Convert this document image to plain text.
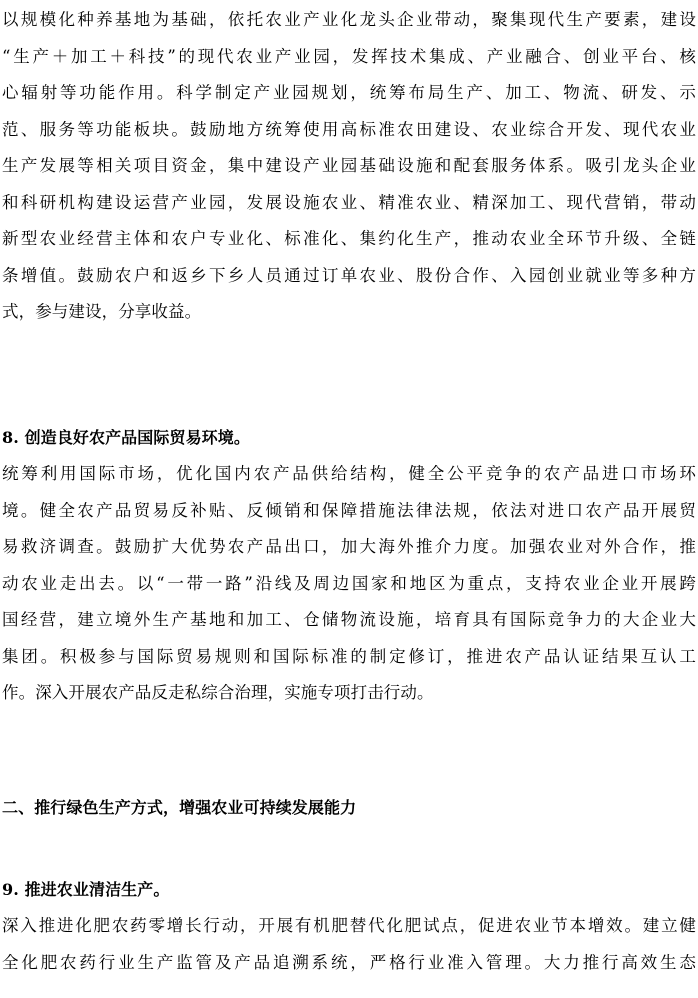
以规模化种养基地为基础，依托农业产业化龙头企业带动，聚集现代生产要素，建设
“生产＋加工＋科技”的现代农业产业园，发挥技术集成、产业融合、创业平台、核
心辐射等功能作用。科学制定产业园规划，统筹布局生产、加工、物流、研发、示
范、服务等功能板块。鼓励地方统筹使用高标准农田建设、农业综合开发、现代农业
生产发展等相关项目资金，集中建设产业园基础设施和配套服务体系。吸引龙头企业
和科研机构建设运营产业园，发展设施农业、精准农业、精深加工、现代营销，带动
新型农业经营主体和农户专业化、标准化、集约化生产，推动农业全环节升级、全链
条增值。鼓励农户和返乡下乡人员通过订单农业、股份合作、入园创业就业等多种方
式，参与建设，分享收益。
8. 创造良好农产品国际贸易环境。
统筹利用国际市场，优化国内农产品供给结构，健全公平竞争的农产品进口市场环
境。健全农产品贸易反补贴、反倾销和保障措施法律法规，依法对进口农产品开展贸
易救济调查。鼓励扩大优势农产品出口，加大海外推介力度。加强农业对外合作，推
动农业走出去。以“一带一路”沿线及周边国家和地区为重点，支持农业企业开展跨
国经营，建立境外生产基地和加工、仓储物流设施，培育具有国际竞争力的大企业大
集团。积极参与国际贸易规则和国际标准的制定修订，推进农产品认证结果互认工
作。深入开展农产品反走私综合治理，实施专项打击行动。
二、推行绿色生产方式，增强农业可持续发展能力
9. 推进农业清洁生产。
深入推进化肥农药零增长行动，开展有机肥替代化肥试点，促进农业节本增效。建立健
全化肥农药行业生产监管及产品追溯系统，严格行业准入管理。大力推行高效生态
